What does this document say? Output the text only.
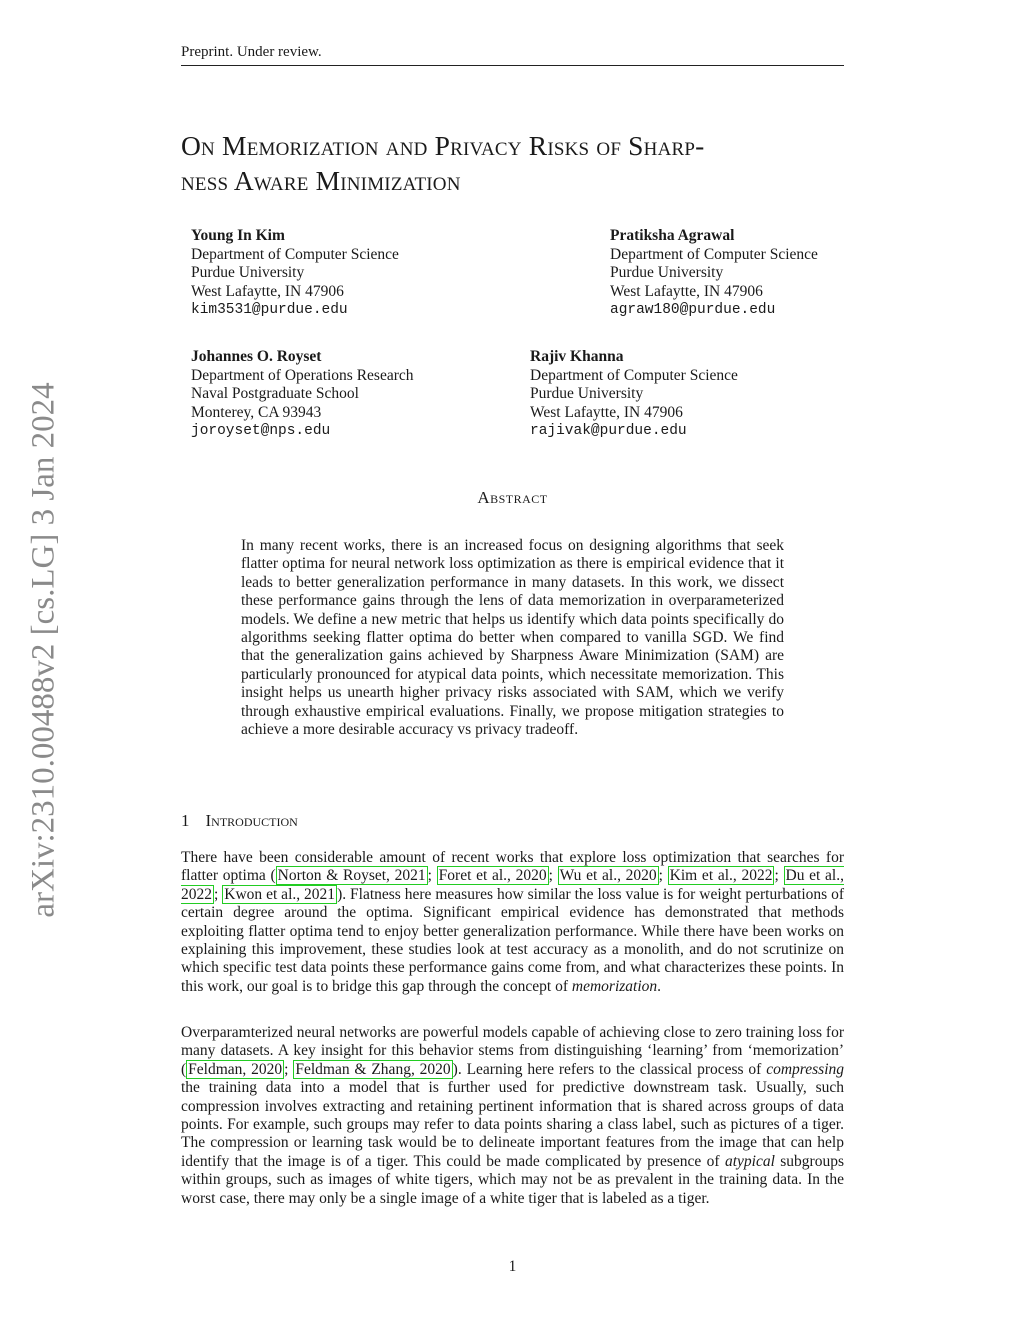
Preprint. Under review.
arXiv:2310.00488v2 [cs.LG] 3 Jan 2024
On Memorization and Privacy Risks of Sharp-
ness Aware Minimization
Young In Kim
Department of Computer Science
Purdue University
West Lafaytte, IN 47906
kim3531@purdue.edu
Pratiksha Agrawal
Department of Computer Science
Purdue University
West Lafaytte, IN 47906
agraw180@purdue.edu
Johannes O. Royset
Department of Operations Research
Naval Postgraduate School
Monterey, CA 93943
joroyset@nps.edu
Rajiv Khanna
Department of Computer Science
Purdue University
West Lafaytte, IN 47906
rajivak@purdue.edu
Abstract
In many recent works, there is an increased focus on designing algorithms that seek flatter optima for neural network loss optimization as there is empirical evidence that it leads to better generalization performance in many datasets. In this work, we dissect these performance gains through the lens of data memorization in overparameterized models. We define a new metric that helps us identify which data points specifically do algorithms seeking flatter optima do better when compared to vanilla SGD. We find that the generalization gains achieved by Sharpness Aware Minimization (SAM) are particularly pronounced for atypical data points, which necessitate memorization. This insight helps us unearth higher privacy risks associated with SAM, which we verify through exhaustive empirical evaluations. Finally, we propose mitigation strategies to achieve a more desirable accuracy vs privacy tradeoff.
1 Introduction
There have been considerable amount of recent works that explore loss optimization that searches for flatter optima ( Norton & Royset, 2021 ; Foret et al., 2020 ; Wu et al., 2020 ; Kim et al., 2022 ; Du et al., 2022 ; Kwon et al., 2021 ). Flatness here measures how similar the loss value is for weight perturbations of certain degree around the optima. Significant empirical evidence has demonstrated that methods exploiting flatter optima tend to enjoy better generalization performance. While there have been works on explaining this improvement, these studies look at test accuracy as a monolith, and do not scrutinize on which specific test data points these performance gains come from, and what characterizes these points. In this work, our goal is to bridge this gap through the concept of memorization.
Overparamterized neural networks are powerful models capable of achieving close to zero training loss for many datasets. A key insight for this behavior stems from distinguishing ‘learning’ from ‘memorization’ ( Feldman, 2020 ; Feldman & Zhang, 2020 ). Learning here refers to the classical process of compressing the training data into a model that is further used for predictive downstream task. Usually, such compression involves extracting and retaining pertinent information that is shared across groups of data points. For example, such groups may refer to data points sharing a class label, such as pictures of a tiger. The compression or learning task would be to delineate important features from the image that can help identify that the image is of a tiger. This could be made complicated by presence of atypical subgroups within groups, such as images of white tigers, which may not be as prevalent in the training data. In the worst case, there may only be a single image of a white tiger that is labeled as a tiger.
1
